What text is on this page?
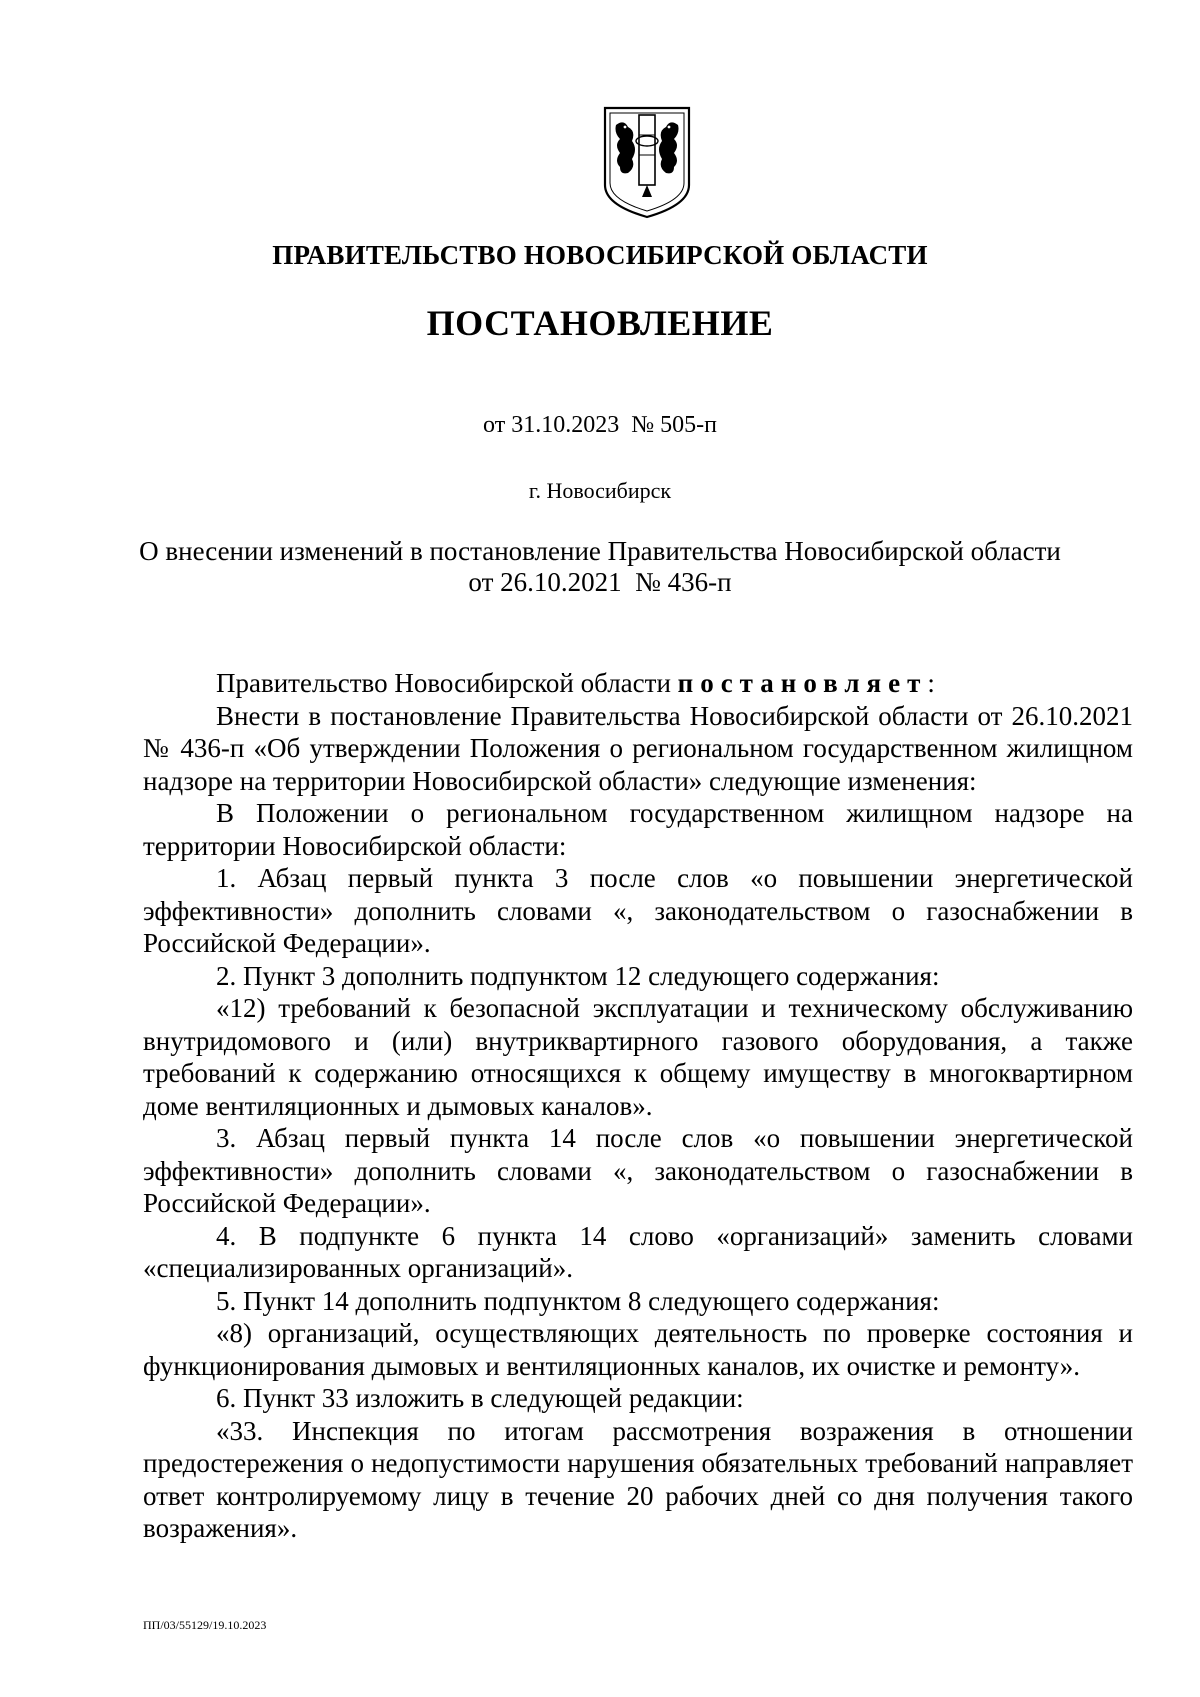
ПРАВИТЕЛЬСТВО НОВОСИБИРСКОЙ ОБЛАСТИ
ПОСТАНОВЛЕНИЕ
от 31.10.2023  № 505-п
г. Новосибирск
О внесении изменений в постановление Правительства Новосибирской области
от 26.10.2021  № 436-п

Правительство Новосибирской области постановляет:

Внести в постановление Правительства Новосибирской области от 26.10.2021 № 436-п «Об утверждении Положения о региональном государственном жилищном надзоре на территории Новосибирской области» следующие изменения:

В Положении о региональном государственном жилищном надзоре на территории Новосибирской области:

1. Абзац первый пункта 3 после слов «о повышении энергетической эффективности» дополнить словами «, законодательством о газоснабжении в Российской Федерации».

2. Пункт 3 дополнить подпунктом 12 следующего содержания:

«12) требований к безопасной эксплуатации и техническому обслуживанию внутридомового и (или) внутриквартирного газового оборудования, а также требований к содержанию относящихся к общему имуществу в многоквартирном доме вентиляционных и дымовых каналов».

3. Абзац первый пункта 14 после слов «о повышении энергетической эффективности» дополнить словами «, законодательством о газоснабжении в Российской Федерации».

4. В подпункте 6 пункта 14 слово «организаций» заменить словами «специализированных организаций».

5. Пункт 14 дополнить подпунктом 8 следующего содержания:

«8) организаций, осуществляющих деятельность по проверке состояния и функционирования дымовых и вентиляционных каналов, их очистке и ремонту».

6. Пункт 33 изложить в следующей редакции:

«33. Инспекция по итогам рассмотрения возражения в отношении предостережения о недопустимости нарушения обязательных требований направляет ответ контролируемому лицу в течение 20 рабочих дней со дня получения такого возражения».

ПП/03/55129/19.10.2023
